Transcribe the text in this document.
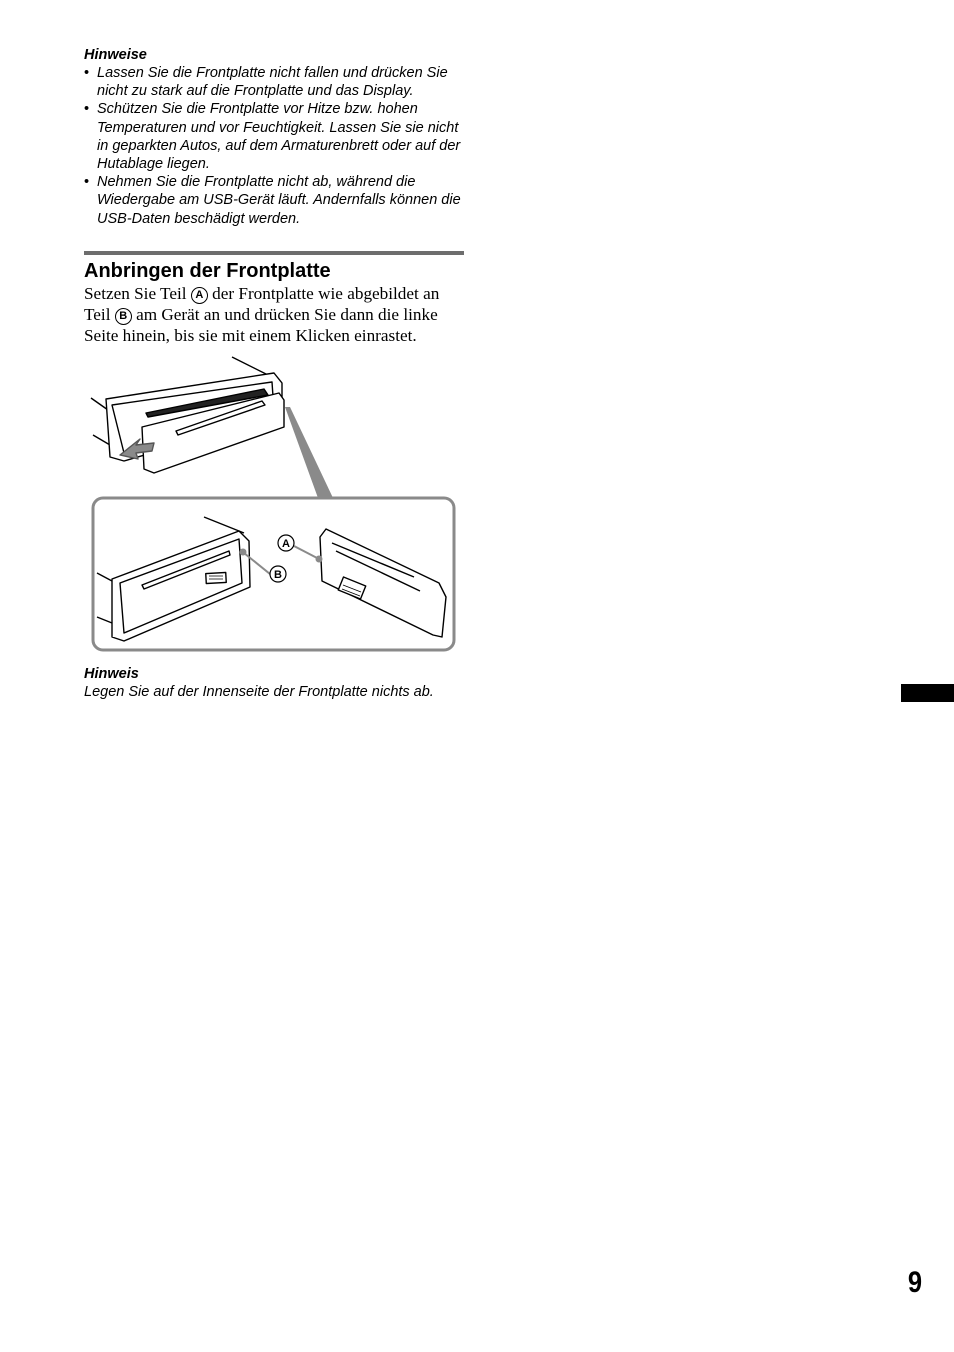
Hinweise

• Lassen Sie die Frontplatte nicht fallen und drücken Sie nicht zu stark auf die Frontplatte und das Display.
• Schützen Sie die Frontplatte vor Hitze bzw. hohen Temperaturen und vor Feuchtigkeit. Lassen Sie sie nicht in geparkten Autos, auf dem Armaturenbrett oder auf der Hutablage liegen.
• Nehmen Sie die Frontplatte nicht ab, während die Wiedergabe am USB-Gerät läuft. Andernfalls können die USB-Daten beschädigt werden.
Anbringen der Frontplatte

Setzen Sie Teil A der Frontplatte wie abgebildet an Teil B am Gerät an und drücken Sie dann die linke Seite hinein, bis sie mit einem Klicken einrastet.

A
B

Hinweis

Legen Sie auf der Innenseite der Frontplatte nichts ab.

9
